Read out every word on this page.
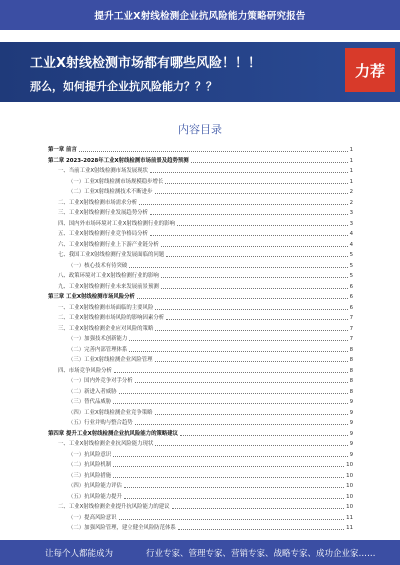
提升工业X射线检测企业抗风险能力策略研究报告
工业X射线检测市场都有哪些风险！！！
那么，如何提升企业抗风险能力？？？
力荐
内容目录
第一章 前言	1
第二章 2023-2028年工业X射线检测市场前景及趋势预测	1
一、当前工业X射线检测市场发展现状	1
（一）工业X射线检测市场规模稳步增长	1
（二）工业X射线检测技术不断进步	2
二、工业X射线检测市场需求分析	2
三、工业X射线检测行业发展趋势分析	3
四、国内外市场环境对工业X射线检测行业的影响	3
五、工业X射线检测行业竞争格局分析	4
六、工业X射线检测行业上下游产业链分析	4
七、我国工业X射线检测行业发展面临的问题	5
（一）核心技术有待突破	5
八、政策环境对工业X射线检测行业的影响	5
九、工业X射线检测行业未来发展前景预测	6
第三章 工业X射线检测市场风险分析	6
一、工业X射线检测市场面临的主要风险	6
二、工业X射线检测市场风险的影响因素分析	7
三、工业X射线检测企业应对风险的策略	7
（一）加强技术创新能力	7
（二）完善内部管理体系	8
（三）工业X射线检测企业风险管理	8
四、市场竞争风险分析	8
（一）国内外竞争对手分析	8
（二）新进入者威胁	8
（三）替代品威胁	9
（四）工业X射线检测企业竞争策略	9
（五）行业并购与整合趋势	9
第四章 提升工业X射线检测企业抗风险能力的策略建议	9
一、工业X射线检测企业抗风险能力现状	9
（一）抗风险意识	9
（二）抗风险机制	10
（三）抗风险措施	10
（四）抗风险能力评估	10
（五）抗风险能力提升	10
二、工业X射线检测企业提升抗风险能力的建议	10
（一）提高风险意识	11
（二）加强风险管理，建立健全风险防范体系	11
让每个人都能成为	行业专家、管理专家、营销专家、战略专家、成功企业家……
